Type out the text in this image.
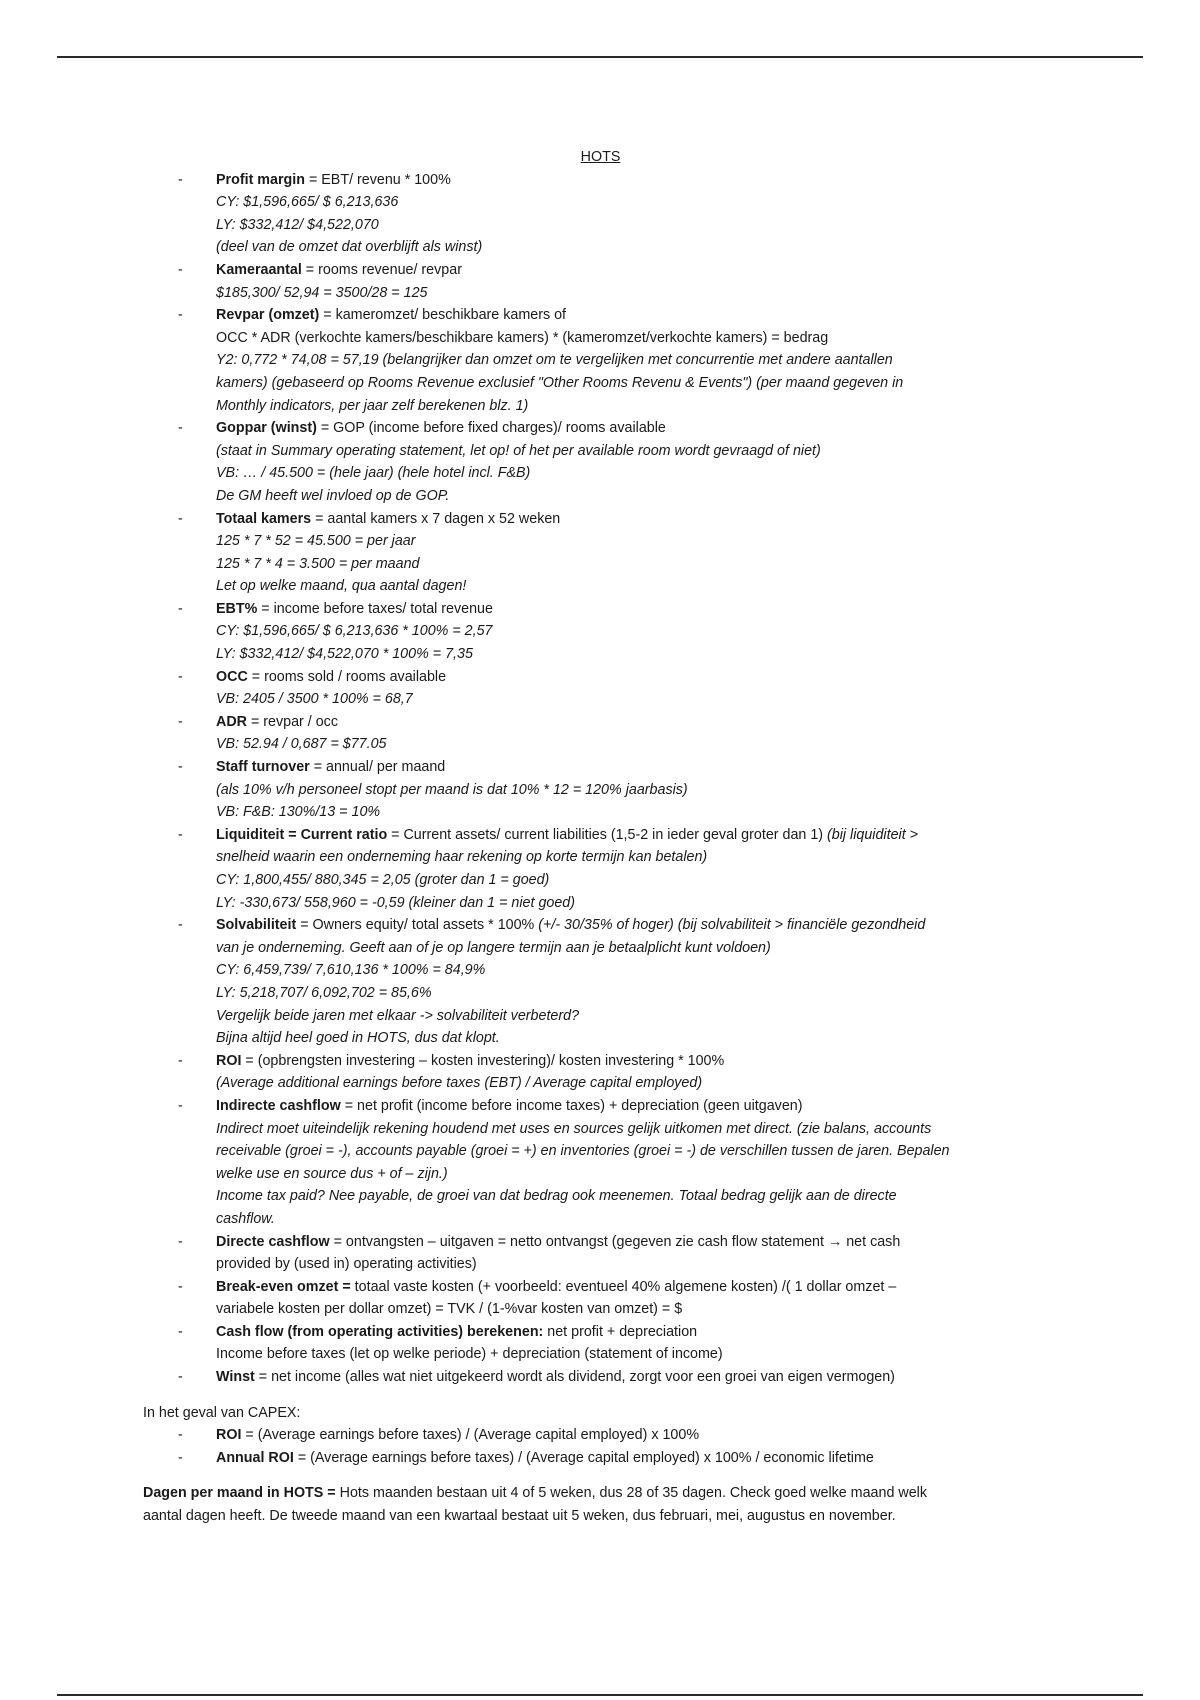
HOTS
- Profit margin = EBT/ revenu * 100%
CY: $1,596,665/ $ 6,213,636
LY: $332,412/ $4,522,070
(deel van de omzet dat overblijft als winst)
- Kameraantal = rooms revenue/ revpar
$185,300/ 52,94 = 3500/28 = 125
- Revpar (omzet) = kameromzet/ beschikbare kamers of
OCC * ADR (verkochte kamers/beschikbare kamers) * (kameromzet/verkochte kamers) = bedrag
Y2: 0,772 * 74,08 = 57,19 (belangrijker dan omzet om te vergelijken met concurrentie met andere aantallen
kamers) (gebaseerd op Rooms Revenue exclusief "Other Rooms Revenu & Events") (per maand gegeven in
Monthly indicators, per jaar zelf berekenen blz. 1)
- Goppar (winst) = GOP (income before fixed charges)/ rooms available
(staat in Summary operating statement, let op! of het per available room wordt gevraagd of niet)
VB: … / 45.500 = (hele jaar) (hele hotel incl. F&B)
De GM heeft wel invloed op de GOP.
- Totaal kamers = aantal kamers x 7 dagen x 52 weken
125 * 7 * 52 = 45.500 = per jaar
125 * 7 * 4 = 3.500 = per maand
Let op welke maand, qua aantal dagen!
- EBT% = income before taxes/ total revenue
CY: $1,596,665/ $ 6,213,636 * 100% = 2,57
LY: $332,412/ $4,522,070 * 100% = 7,35
- OCC = rooms sold / rooms available
VB: 2405 / 3500 * 100% = 68,7
- ADR = revpar / occ
VB: 52.94 / 0,687 = $77.05
- Staff turnover = annual/ per maand
(als 10% v/h personeel stopt per maand is dat 10% * 12 = 120% jaarbasis)
VB: F&B: 130%/13 = 10%
- Liquiditeit = Current ratio = Current assets/ current liabilities (1,5-2 in ieder geval groter dan 1) (bij liquiditeit >
snelheid waarin een onderneming haar rekening op korte termijn kan betalen)
CY: 1,800,455/ 880,345 = 2,05 (groter dan 1 = goed)
LY: -330,673/ 558,960 = -0,59 (kleiner dan 1 = niet goed)
- Solvabiliteit = Owners equity/ total assets * 100% (+/- 30/35% of hoger) (bij solvabiliteit > financiële gezondheid
van je onderneming. Geeft aan of je op langere termijn aan je betaalplicht kunt voldoen)
CY: 6,459,739/ 7,610,136 * 100% = 84,9%
LY: 5,218,707/ 6,092,702 = 85,6%
Vergelijk beide jaren met elkaar -> solvabiliteit verbeterd?
Bijna altijd heel goed in HOTS, dus dat klopt.
- ROI = (opbrengsten investering – kosten investering)/ kosten investering * 100%
(Average additional earnings before taxes (EBT) / Average capital employed)
- Indirecte cashflow = net profit (income before income taxes) + depreciation (geen uitgaven)
Indirect moet uiteindelijk rekening houdend met uses en sources gelijk uitkomen met direct. (zie balans, accounts
receivable (groei = -), accounts payable (groei = +) en inventories (groei = -) de verschillen tussen de jaren. Bepalen
welke use en source dus + of – zijn.)
Income tax paid? Nee payable, de groei van dat bedrag ook meenemen. Totaal bedrag gelijk aan de directe
cashflow.
- Directe cashflow = ontvangsten – uitgaven = netto ontvangst (gegeven zie cash flow statement → net cash
provided by (used in) operating activities)
- Break-even omzet = totaal vaste kosten (+ voorbeeld: eventueel 40% algemene kosten) /( 1 dollar omzet –
variabele kosten per dollar omzet) = TVK / (1-%var kosten van omzet) = $
- Cash flow (from operating activities) berekenen: net profit + depreciation
Income before taxes (let op welke periode) + depreciation (statement of income)
- Winst = net income (alles wat niet uitgekeerd wordt als dividend, zorgt voor een groei van eigen vermogen)
In het geval van CAPEX:
- ROI = (Average earnings before taxes) / (Average capital employed) x 100%
- Annual ROI = (Average earnings before taxes) / (Average capital employed) x 100% / economic lifetime
Dagen per maand in HOTS = Hots maanden bestaan uit 4 of 5 weken, dus 28 of 35 dagen. Check goed welke maand welk
aantal dagen heeft. De tweede maand van een kwartaal bestaat uit 5 weken, dus februari, mei, augustus en november.
